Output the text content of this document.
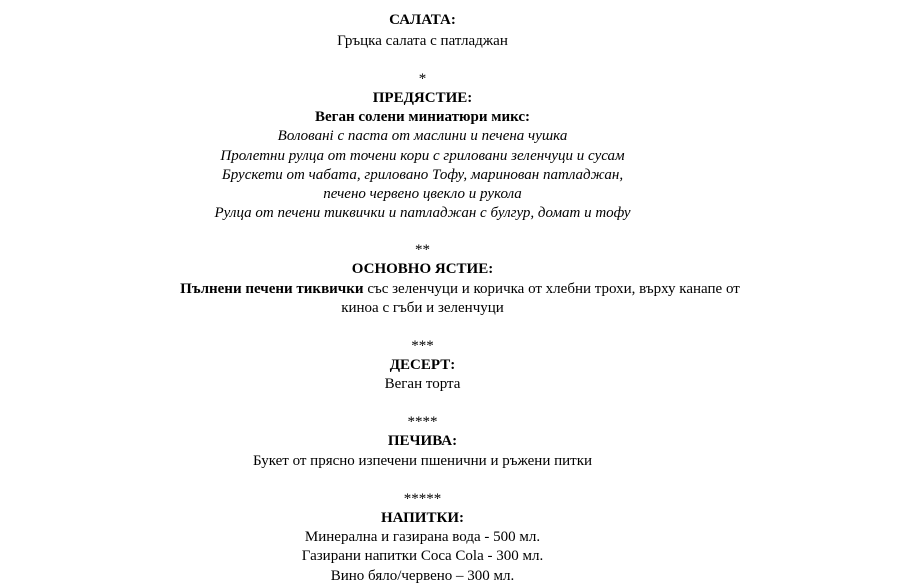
САЛАТА:
Гръцка салата с патладжан
*
ПРЕДЯСТИЕ:
Веган солени миниатюри микс:
Волованi с паста от маслини и печена чушка
Пролетни рулца от точени кори с гриловани зеленчуци и сусам
Брускети от чабата, гриловано Тофу, маринован патладжан,
печено червено цвекло и рукола
Рулца от печени тиквички и патладжан с булгур, домат и тофу
**
ОСНОВНО ЯСТИЕ:
Пълнени печени тиквички със зеленчуци и коричка от хлебни трохи, върху канапе от
киноа с гъби и зеленчуци
***
ДЕСЕРТ:
Веган торта
****
ПЕЧИВА:
Букет от прясно изпечени пшенични и ръжени питки
*****
НАПИТКИ:
Минерална и газирана вода - 500 мл.
Газирани напитки Coca Cola - 300 мл.
Вино бяло/червено – 300 мл.
